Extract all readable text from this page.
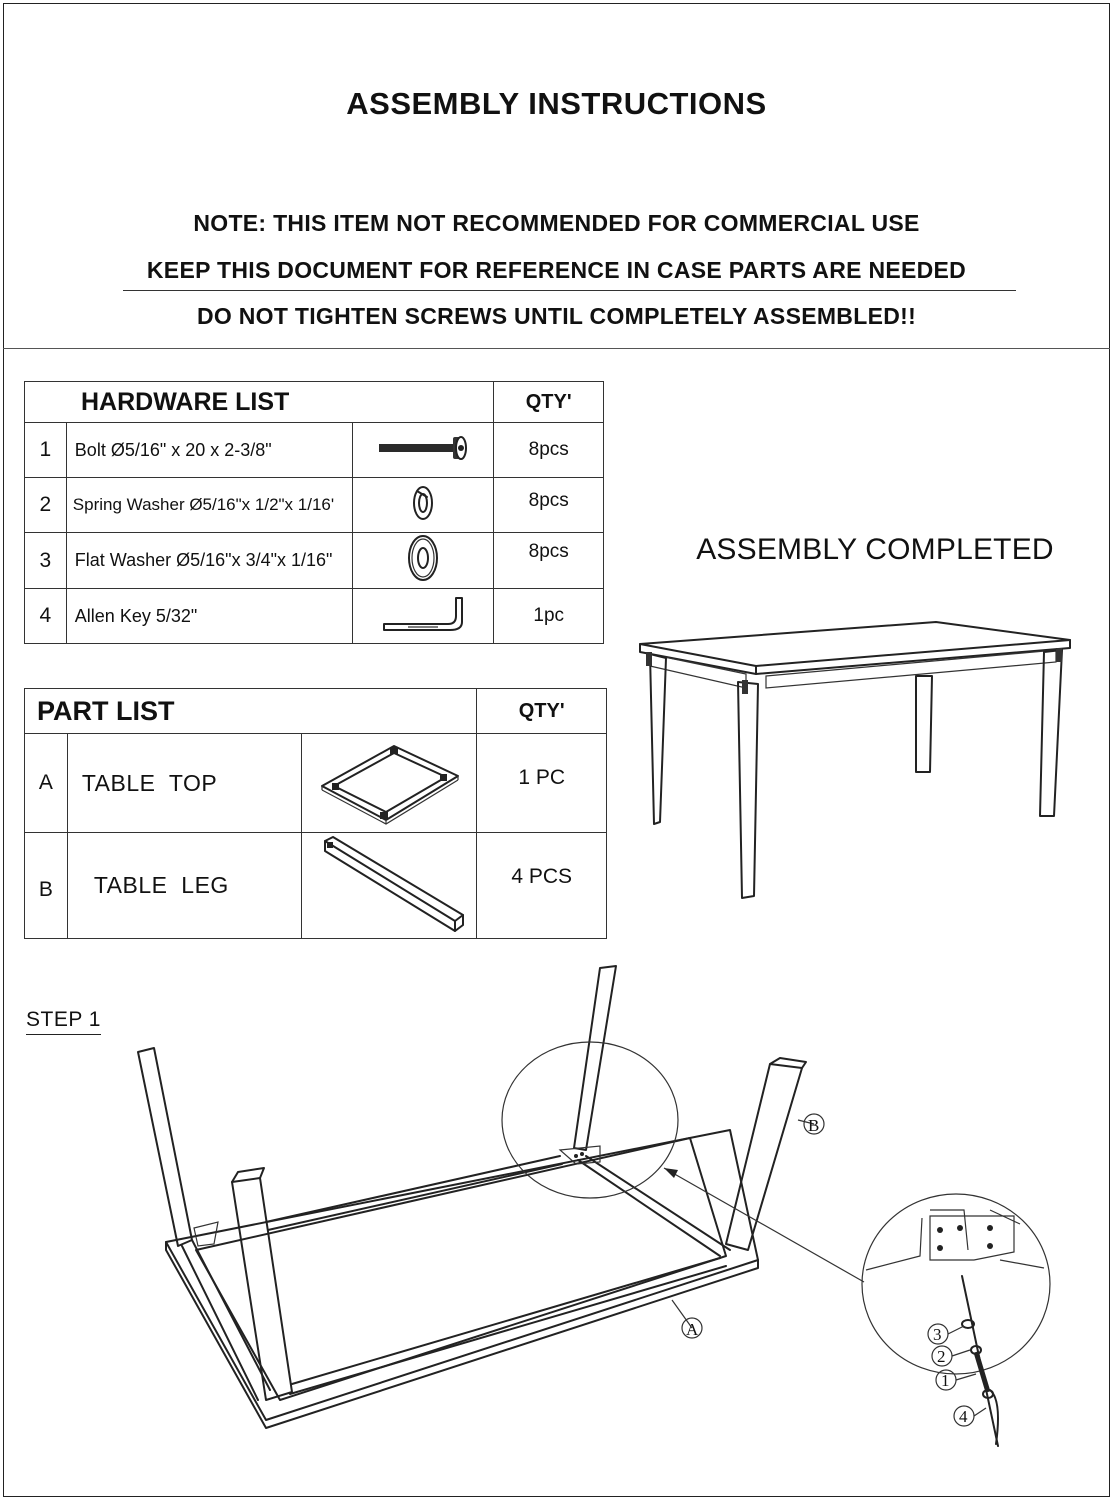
ASSEMBLY INSTRUCTIONS
NOTE: THIS ITEM NOT RECOMMENDED FOR COMMERCIAL USE
KEEP THIS DOCUMENT FOR REFERENCE IN CASE PARTS ARE NEEDED
DO NOT TIGHTEN SCREWS UNTIL COMPLETELY ASSEMBLED!!
HARDWARE LIST			QTY'
1	Bolt Ø5/16" x 20 x 2-3/8"		8pcs
2	Spring Washer Ø5/16"x 1/2"x 1/16'		8pcs
3	Flat Washer Ø5/16"x 3/4"x 1/16"		8pcs
4	Allen Key 5/32"		1pc
PART LIST			QTY'
A	TABLE  TOP		1 PC
B	TABLE  LEG		4 PCS
ASSEMBLY COMPLETED
STEP 1
B
A	3
2
1
4
